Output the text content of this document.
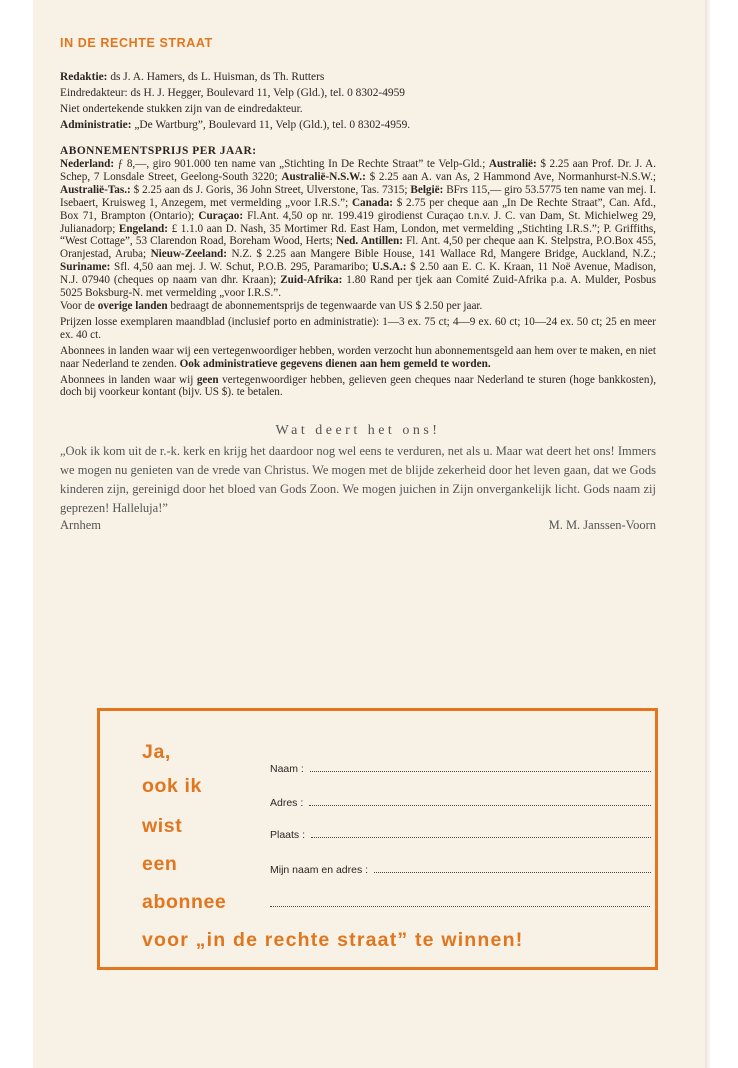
IN DE RECHTE STRAAT
Redaktie: ds J. A. Hamers, ds L. Huisman, ds Th. Rutters
Eindredakteur: ds H. J. Hegger, Boulevard 11, Velp (Gld.), tel. 0 8302-4959
Niet ondertekende stukken zijn van de eindredakteur.
Administratie: „De Wartburg”, Boulevard 11, Velp (Gld.), tel. 0 8302-4959.
ABONNEMENTSPRIJS PER JAAR:

Nederland: ƒ 8,—, giro 901.000 ten name van „Stichting In De Rechte Straat” te Velp-Gld.; Australië: $ 2.25 aan Prof. Dr. J. A. Schep, 7 Lonsdale Street, Geelong-South 3220; Australië-N.S.W.: $ 2.25 aan A. van As, 2 Hammond Ave, Normanhurst-N.S.W.; Australië-Tas.: $ 2.25 aan ds J. Goris, 36 John Street, Ulverstone, Tas. 7315; België: BFrs 115,— giro 53.5775 ten name van mej. I. Isebaert, Kruisweg 1, Anzegem, met vermelding „voor I.R.S.”; Canada: $ 2.75 per cheque aan „In De Rechte Straat”, Can. Afd., Box 71, Brampton (Ontario); Curaçao: Fl.Ant. 4,50 op nr. 199.419 girodienst Curaçao t.n.v. J. C. van Dam, St. Michielweg 29, Julianadorp; Engeland: £ 1.1.0 aan D. Nash, 35 Mortimer Rd. East Ham, London, met vermelding „Stichting I.R.S.”; P. Griffiths, “West Cottage”, 53 Clarendon Road, Boreham Wood, Herts; Ned. Antillen: Fl. Ant. 4,50 per cheque aan K. Stelpstra, P.O.Box 455, Oranjestad, Aruba; Nieuw-Zeeland: N.Z. $ 2.25 aan Mangere Bible House, 141 Wallace Rd, Mangere Bridge, Auckland, N.Z.; Suriname: Sfl. 4,50 aan mej. J. W. Schut, P.O.B. 295, Paramaribo; U.S.A.: $ 2.50 aan E. C. K. Kraan, 11 Noë Avenue, Madison, N.J. 07940 (cheques op naam van dhr. Kraan); Zuid-Afrika: 1.80 Rand per tjek aan Comité Zuid-Afrika p.a. A. Mulder, Posbus 5025 Boksburg-N. met vermelding „voor I.R.S.”.
Voor de overige landen bedraagt de abonnementsprijs de tegenwaarde van US $ 2.50 per jaar.

Prijzen losse exemplaren maandblad (inclusief porto en administratie): 1—3 ex. 75 ct; 4—9 ex. 60 ct; 10—24 ex. 50 ct; 25 en meer ex. 40 ct.

Abonnees in landen waar wij een vertegenwoordiger hebben, worden verzocht hun abonnementsgeld aan hem over te maken, en niet naar Nederland te zenden. Ook administratieve gegevens dienen aan hem gemeld te worden.

Abonnees in landen waar wij geen vertegenwoordiger hebben, gelieven geen cheques naar Nederland te sturen (hoge bankkosten), doch bij voorkeur kontant (bijv. US $). te betalen.

Wat deert het ons!

„Ook ik kom uit de r.-k. kerk en krijg het daardoor nog wel eens te verduren, net als u. Maar wat deert het ons! Immers we mogen nu genieten van de vrede van Christus. We mogen met de blijde zekerheid door het leven gaan, dat we Gods kinderen zijn, gereinigd door het bloed van Gods Zoon. We mogen juichen in Zijn onvergankelijk licht. Gods naam zij geprezen! Halleluja!”

Arnhem	M. M. Janssen-Voorn
Ja,
ook ik
wist
een
abonnee
voor „in de rechte straat” te winnen!
Naam :
Adres :
Plaats :
Mijn naam en adres :
